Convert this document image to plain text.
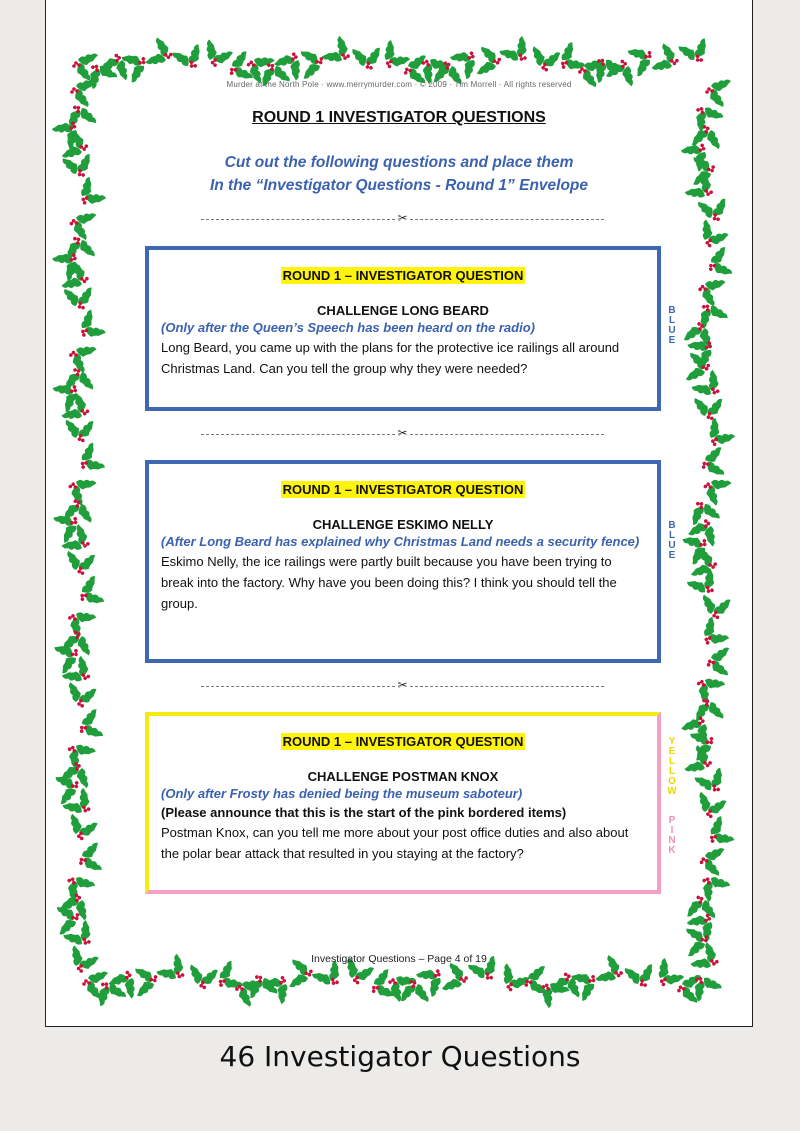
Murder at the North Pole · www.merrymurder.com · © 2009 · Tim Morrell · All rights reserved
ROUND 1 INVESTIGATOR QUESTIONS
Cut out the following questions and place them
In the “Investigator Questions - Round 1” Envelope
✂
ROUND 1 – INVESTIGATOR QUESTION
CHALLENGE LONG BEARD
(Only after the Queen’s Speech has been heard on the radio)
Long Beard, you came up with the plans for the protective ice railings all around Christmas Land. Can you tell the group why they were needed?
B
L
U
E
✂
ROUND 1 – INVESTIGATOR QUESTION
CHALLENGE ESKIMO NELLY
(After Long Beard has explained why Christmas Land needs a security fence)
Eskimo Nelly, the ice railings were partly built because you have been trying to break into the factory. Why have you been doing this? I think you should tell the group.
B
L
U
E
✂
ROUND 1 – INVESTIGATOR QUESTION
CHALLENGE POSTMAN KNOX
(Only after Frosty has denied being the museum saboteur)
(Please announce that this is the start of the pink bordered items)
Postman Knox, can you tell me more about your post office duties and also about the polar bear attack that resulted in you staying at the factory?
Y
E
L
L
O
W
P
I
N
K
Investigator Questions – Page 4 of 19
46 Investigator Questions
